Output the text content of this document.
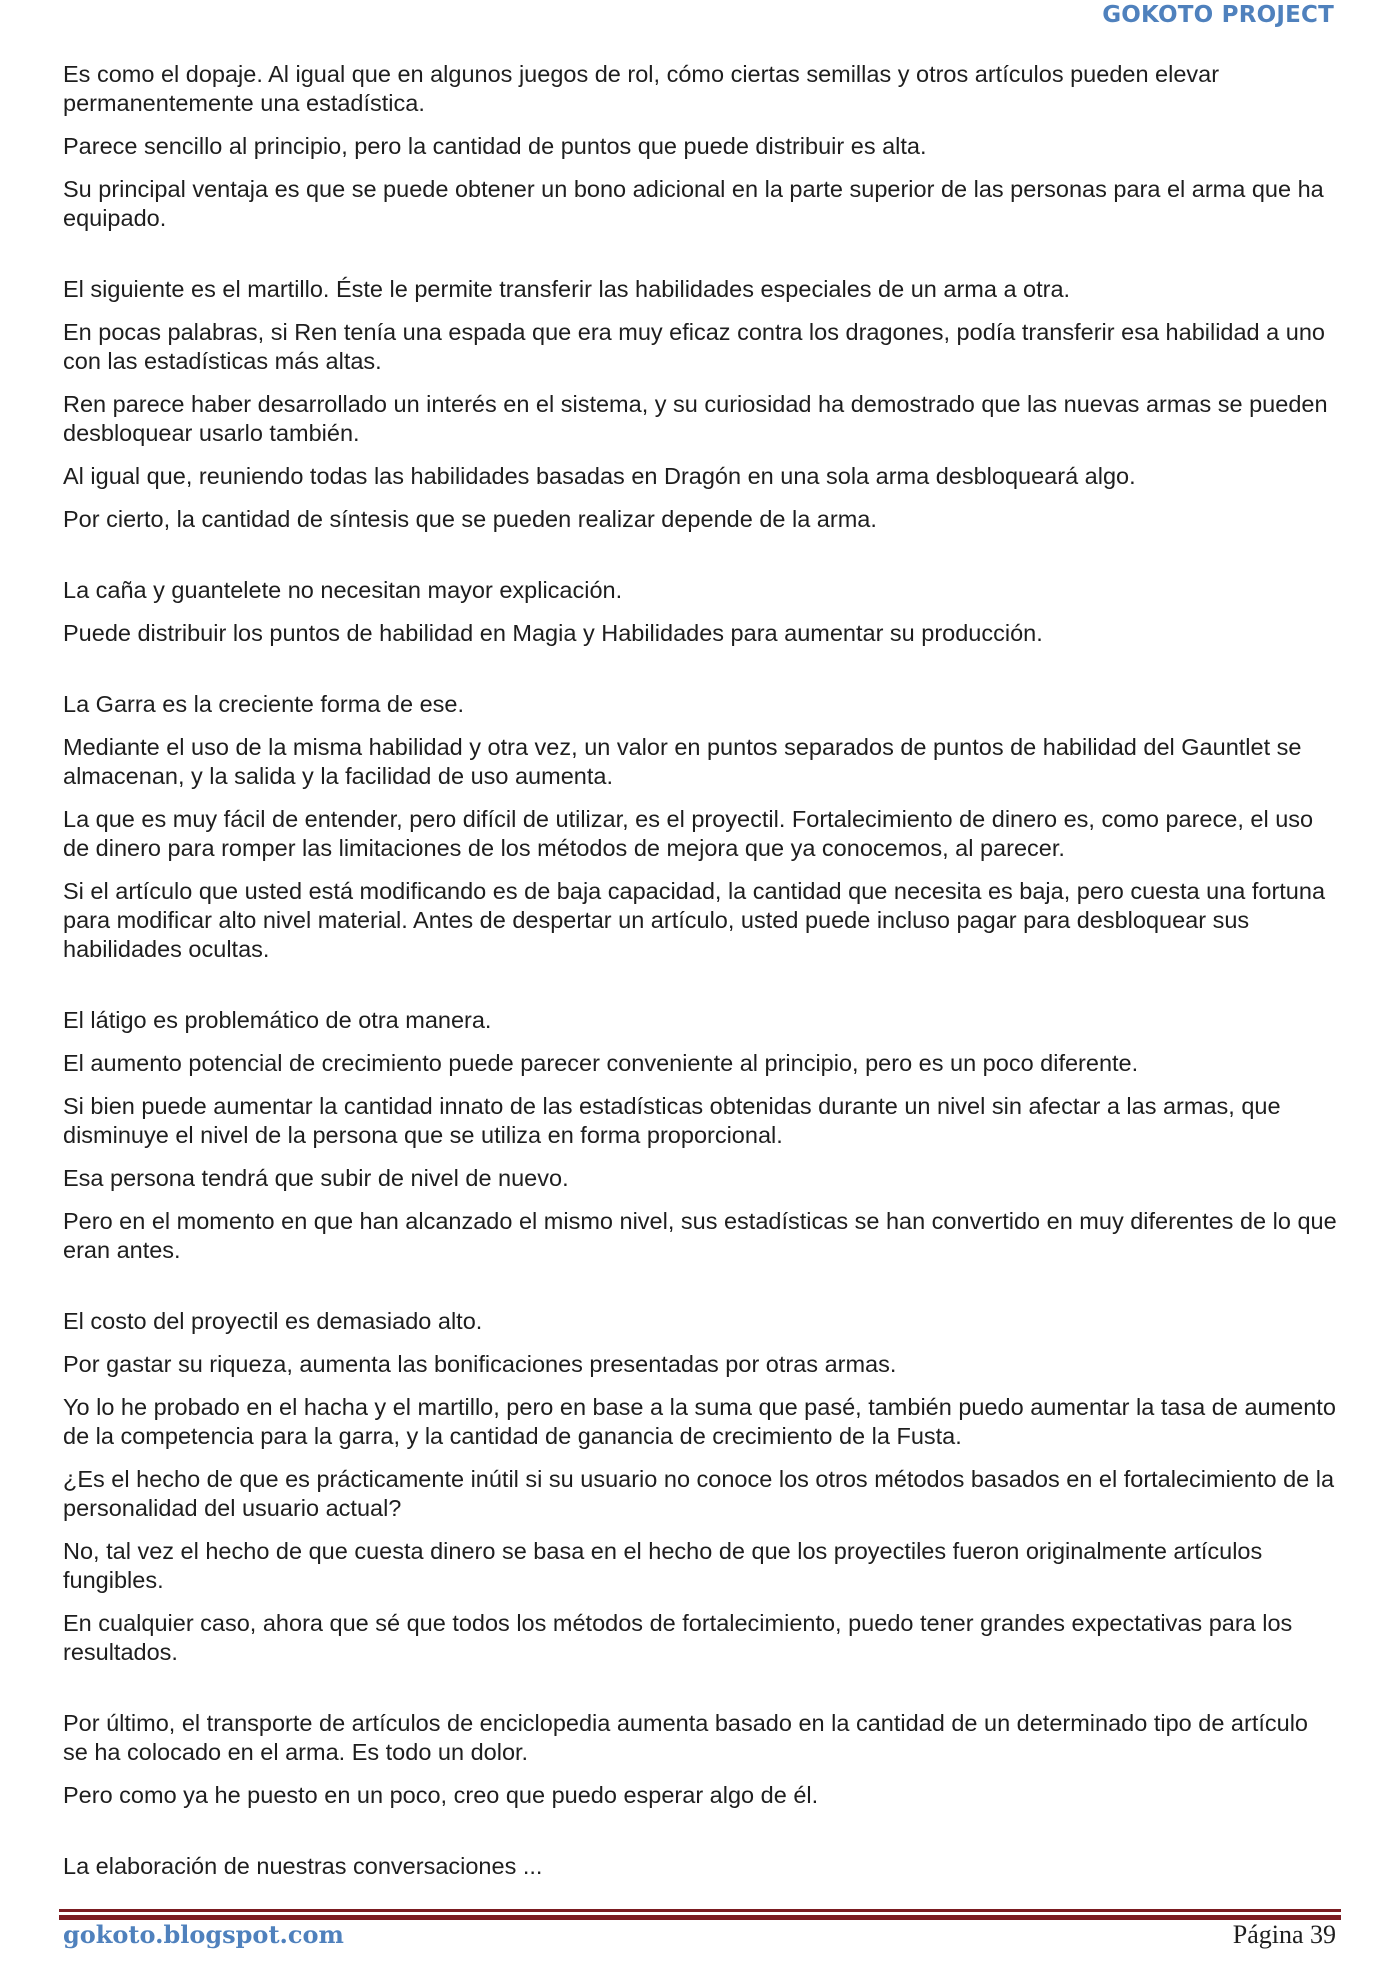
GOKOTO PROJECT

Es como el dopaje. Al igual que en algunos juegos de rol, cómo ciertas semillas y otros artículos pueden elevar permanentemente una estadística.

Parece sencillo al principio, pero la cantidad de puntos que puede distribuir es alta.

Su principal ventaja es que se puede obtener un bono adicional en la parte superior de las personas para el arma que ha equipado.

El siguiente es el martillo. Éste le permite transferir las habilidades especiales de un arma a otra.

En pocas palabras, si Ren tenía una espada que era muy eficaz contra los dragones, podía transferir esa habilidad a uno con las estadísticas más altas.

Ren parece haber desarrollado un interés en el sistema, y su curiosidad ha demostrado que las nuevas armas se pueden desbloquear usarlo también.

Al igual que, reuniendo todas las habilidades basadas en Dragón en una sola arma desbloqueará algo.

Por cierto, la cantidad de síntesis que se pueden realizar depende de la arma.

La caña y guantelete no necesitan mayor explicación.

Puede distribuir los puntos de habilidad en Magia y Habilidades para aumentar su producción.

La Garra es la creciente forma de ese.

Mediante el uso de la misma habilidad y otra vez, un valor en puntos separados de puntos de habilidad del Gauntlet se almacenan, y la salida y la facilidad de uso aumenta.

La que es muy fácil de entender, pero difícil de utilizar, es el proyectil. Fortalecimiento de dinero es, como parece, el uso de dinero para romper las limitaciones de los métodos de mejora que ya conocemos, al parecer.

Si el artículo que usted está modificando es de baja capacidad, la cantidad que necesita es baja, pero cuesta una fortuna para modificar alto nivel material. Antes de despertar un artículo, usted puede incluso pagar para desbloquear sus habilidades ocultas.

El látigo es problemático de otra manera.

El aumento potencial de crecimiento puede parecer conveniente al principio, pero es un poco diferente.

Si bien puede aumentar la cantidad innato de las estadísticas obtenidas durante un nivel sin afectar a las armas, que disminuye el nivel de la persona que se utiliza en forma proporcional.

Esa persona tendrá que subir de nivel de nuevo.

Pero en el momento en que han alcanzado el mismo nivel, sus estadísticas se han convertido en muy diferentes de lo que eran antes.

El costo del proyectil es demasiado alto.

Por gastar su riqueza, aumenta las bonificaciones presentadas por otras armas.

Yo lo he probado en el hacha y el martillo, pero en base a la suma que pasé, también puedo aumentar la tasa de aumento de la competencia para la garra, y la cantidad de ganancia de crecimiento de la Fusta.

¿Es el hecho de que es prácticamente inútil si su usuario no conoce los otros métodos basados en el fortalecimiento de la personalidad del usuario actual?

No, tal vez el hecho de que cuesta dinero se basa en el hecho de que los proyectiles fueron originalmente artículos fungibles.

En cualquier caso, ahora que sé que todos los métodos de fortalecimiento, puedo tener grandes expectativas para los resultados.

Por último, el transporte de artículos de enciclopedia aumenta basado en la cantidad de un determinado tipo de artículo se ha colocado en el arma. Es todo un dolor.

Pero como ya he puesto en un poco, creo que puedo esperar algo de él.

La elaboración de nuestras conversaciones ...

gokoto.blogspot.com	Página 39
